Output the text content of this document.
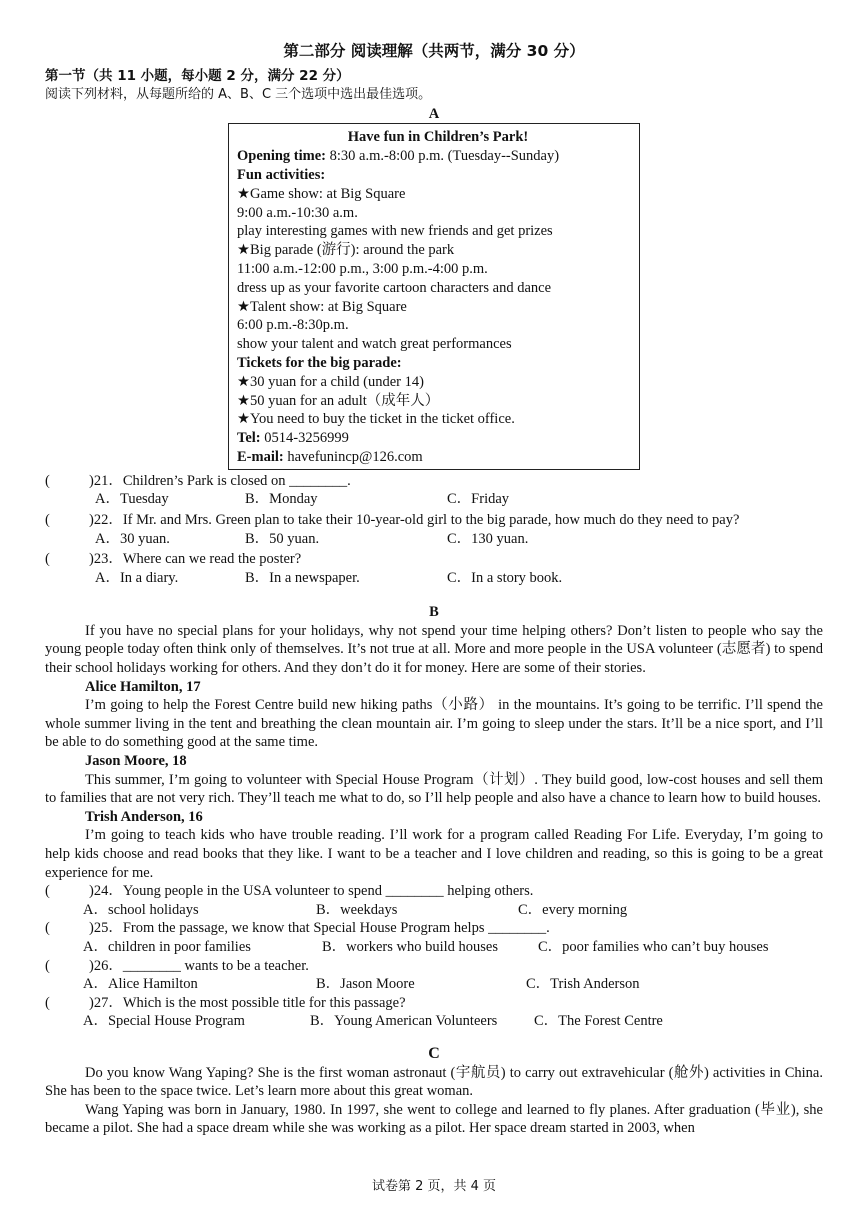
第二部分 阅读理解（共两节，满分 30 分）
第一节（共 11 小题，每小题 2 分，满分 22 分）
阅读下列材料，从每题所给的 A、B、C 三个选项中选出最佳选项。
A
Have fun in Children’s Park!
Opening time: 8:30 a.m.-8:00 p.m. (Tuesday--Sunday)
Fun activities:
★Game show: at Big Square
9:00 a.m.-10:30 a.m.
play interesting games with new friends and get prizes
★Big parade (游行): around the park
11:00 a.m.-12:00 p.m., 3:00 p.m.-4:00 p.m.
dress up as your favorite cartoon characters and dance
★Talent show: at Big Square
6:00 p.m.-8:30p.m.
show your talent and watch great performances
Tickets for the big parade:
★30 yuan for a child (under 14)
★50 yuan for an adult（成年人）
★You need to buy the ticket in the ticket office.
Tel: 0514-3256999
E-mail: havefunincp@126.com
(	)21． Children’s Park is closed on ________.
A．Tuesday	B．Monday	C．Friday
(	)22． If Mr. and Mrs. Green plan to take their 10-year-old girl to the big parade, how much do they need to pay?
A．30 yuan.	B．50 yuan.	C．130 yuan.
(	)23． Where can we read the poster?
A．In a diary.	B．In a newspaper.	C．In a story book.
B
If you have no special plans for your holidays, why not spend your time helping others? Don’t listen to people who say the young people today often think only of themselves. It’s not true at all. More and more people in the USA volunteer (志愿者) to spend their school holidays working for others. And they don’t do it for money. Here are some of their stories.
Alice Hamilton, 17
I’m going to help the Forest Centre build new hiking paths（小路） in the mountains. It’s going to be terrific. I’ll spend the whole summer living in the tent and breathing the clean mountain air. I’m going to sleep under the stars. It’ll be a nice sport, and I’ll be able to do something good at the same time.
Jason Moore, 18
This summer, I’m going to volunteer with Special House Program（计划）. They build good, low-cost houses and sell them to families that are not very rich. They’ll teach me what to do, so I’ll help people and also have a chance to learn how to build houses.
Trish Anderson, 16
I’m going to teach kids who have trouble reading. I’ll work for a program called Reading For Life. Everyday, I’m going to help kids choose and read books that they like. I want to be a teacher and I love children and reading, so this is going to be a great experience for me.
(	)24． Young people in the USA volunteer to spend ________ helping others.
A．school holidays	B．weekdays	C．every morning
(	)25． From the passage, we know that Special House Program helps ________.
A．children in poor families	B．workers who build houses	C．poor families who can’t buy houses
(	)26． ________ wants to be a teacher.
A．Alice Hamilton	B．Jason Moore	C．Trish Anderson
(	)27． Which is the most possible title for this passage?
A．Special House Program	B．Young American Volunteers	C．The Forest Centre
C
Do you know Wang Yaping? She is the first woman astronaut (宇航员) to carry out extravehicular (舱外) activities in China. She has been to the space twice. Let’s learn more about this great woman.
Wang Yaping was born in January, 1980. In 1997, she went to college and learned to fly planes. After graduation (毕业), she became a pilot. She had a space dream while she was working as a pilot. Her space dream started in 2003, when
试卷第 2 页，共 4 页
